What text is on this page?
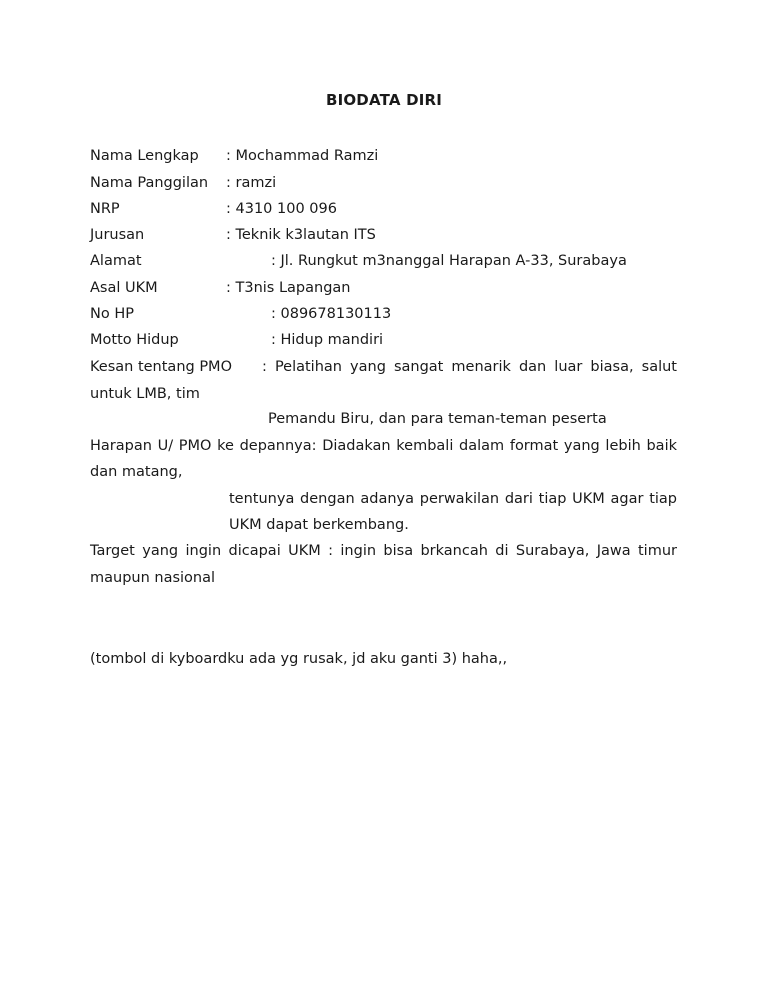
BIODATA DIRI
Nama Lengkap : Mochammad Ramzi
Nama Panggilan : ramzi
NRP	: 4310 100 096
Jurusan	: Teknik k3lautan ITS
Alamat	: Jl. Rungkut m3nanggal Harapan A-33, Surabaya
Asal UKM	: T3nis Lapangan
No HP	: 089678130113
Motto Hidup	: Hidup mandiri
Kesan tentang PMO : Pelatihan yang sangat menarik dan luar biasa, salut
untuk LMB, tim
Pemandu Biru, dan para teman-teman peserta
Harapan U/ PMO ke depannya: Diadakan kembali dalam format yang lebih baik
dan matang,
tentunya dengan adanya perwakilan dari tiap UKM agar tiap
UKM dapat berkembang.
Target yang ingin dicapai UKM : ingin bisa brkancah di Surabaya, Jawa timur
maupun nasional
(tombol di kyboardku ada yg rusak, jd aku ganti 3) haha,,
